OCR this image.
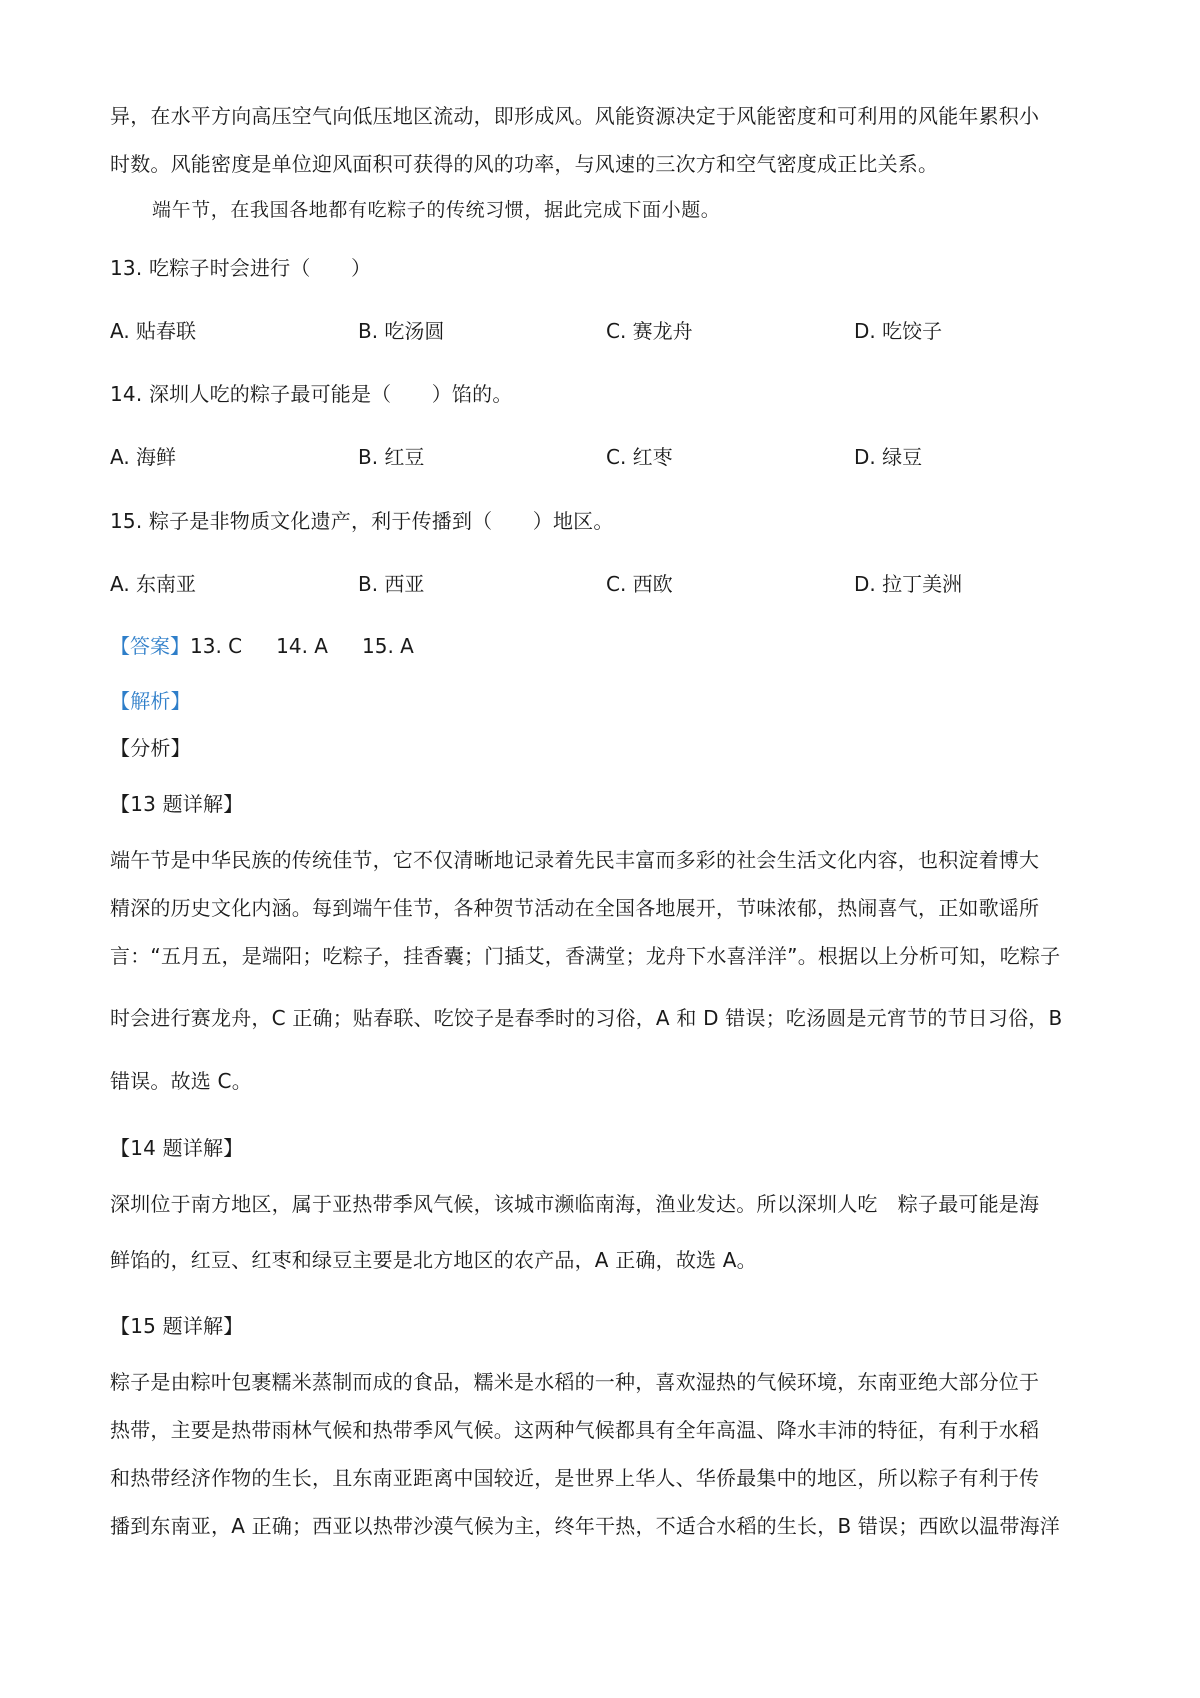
异，在水平方向高压空气向低压地区流动，即形成风。风能资源决定于风能密度和可利用的风能年累积小
时数。风能密度是单位迎风面积可获得的风的功率，与风速的三次方和空气密度成正比关系。
端午节，在我国各地都有吃粽子的传统习惯，据此完成下面小题。
13. 吃粽子时会进行（　　）
A. 贴春联	B. 吃汤圆	C. 赛龙舟	D. 吃饺子
14. 深圳人吃的粽子最可能是（　　）馅的。
A. 海鲜	B. 红豆	C. 红枣	D. 绿豆
15. 粽子是非物质文化遗产，利于传播到（　　）地区。
A. 东南亚	B. 西亚	C. 西欧	D. 拉丁美洲
【答案】13. C 14. A 15. A
【解析】
【分析】
【13 题详解】
端午节是中华民族的传统佳节，它不仅清晰地记录着先民丰富而多彩的社会生活文化内容，也积淀着博大
精深的历史文化内涵。每到端午佳节，各种贺节活动在全国各地展开，节味浓郁，热闹喜气，正如歌谣所
言：“五月五，是端阳；吃粽子，挂香囊；门插艾，香满堂；龙舟下水喜洋洋”。根据以上分析可知，吃粽子
时会进行赛龙舟，C 正确；贴春联、吃饺子是春季时的习俗，A 和 D 错误；吃汤圆是元宵节的节日习俗，B
错误。故选 C。
【14 题详解】
深圳位于南方地区，属于亚热带季风气候，该城市濒临南海，渔业发达。所以深圳人吃　粽子最可能是海
鲜馅的，红豆、红枣和绿豆主要是北方地区的农产品，A 正确，故选 A。
【15 题详解】
粽子是由粽叶包裹糯米蒸制而成的食品，糯米是水稻的一种，喜欢湿热的气候环境，东南亚绝大部分位于
热带，主要是热带雨林气候和热带季风气候。这两种气候都具有全年高温、降水丰沛的特征，有利于水稻
和热带经济作物的生长，且东南亚距离中国较近，是世界上华人、华侨最集中的地区，所以粽子有利于传
播到东南亚，A 正确；西亚以热带沙漠气候为主，终年干热，不适合水稻的生长，B 错误；西欧以温带海洋
